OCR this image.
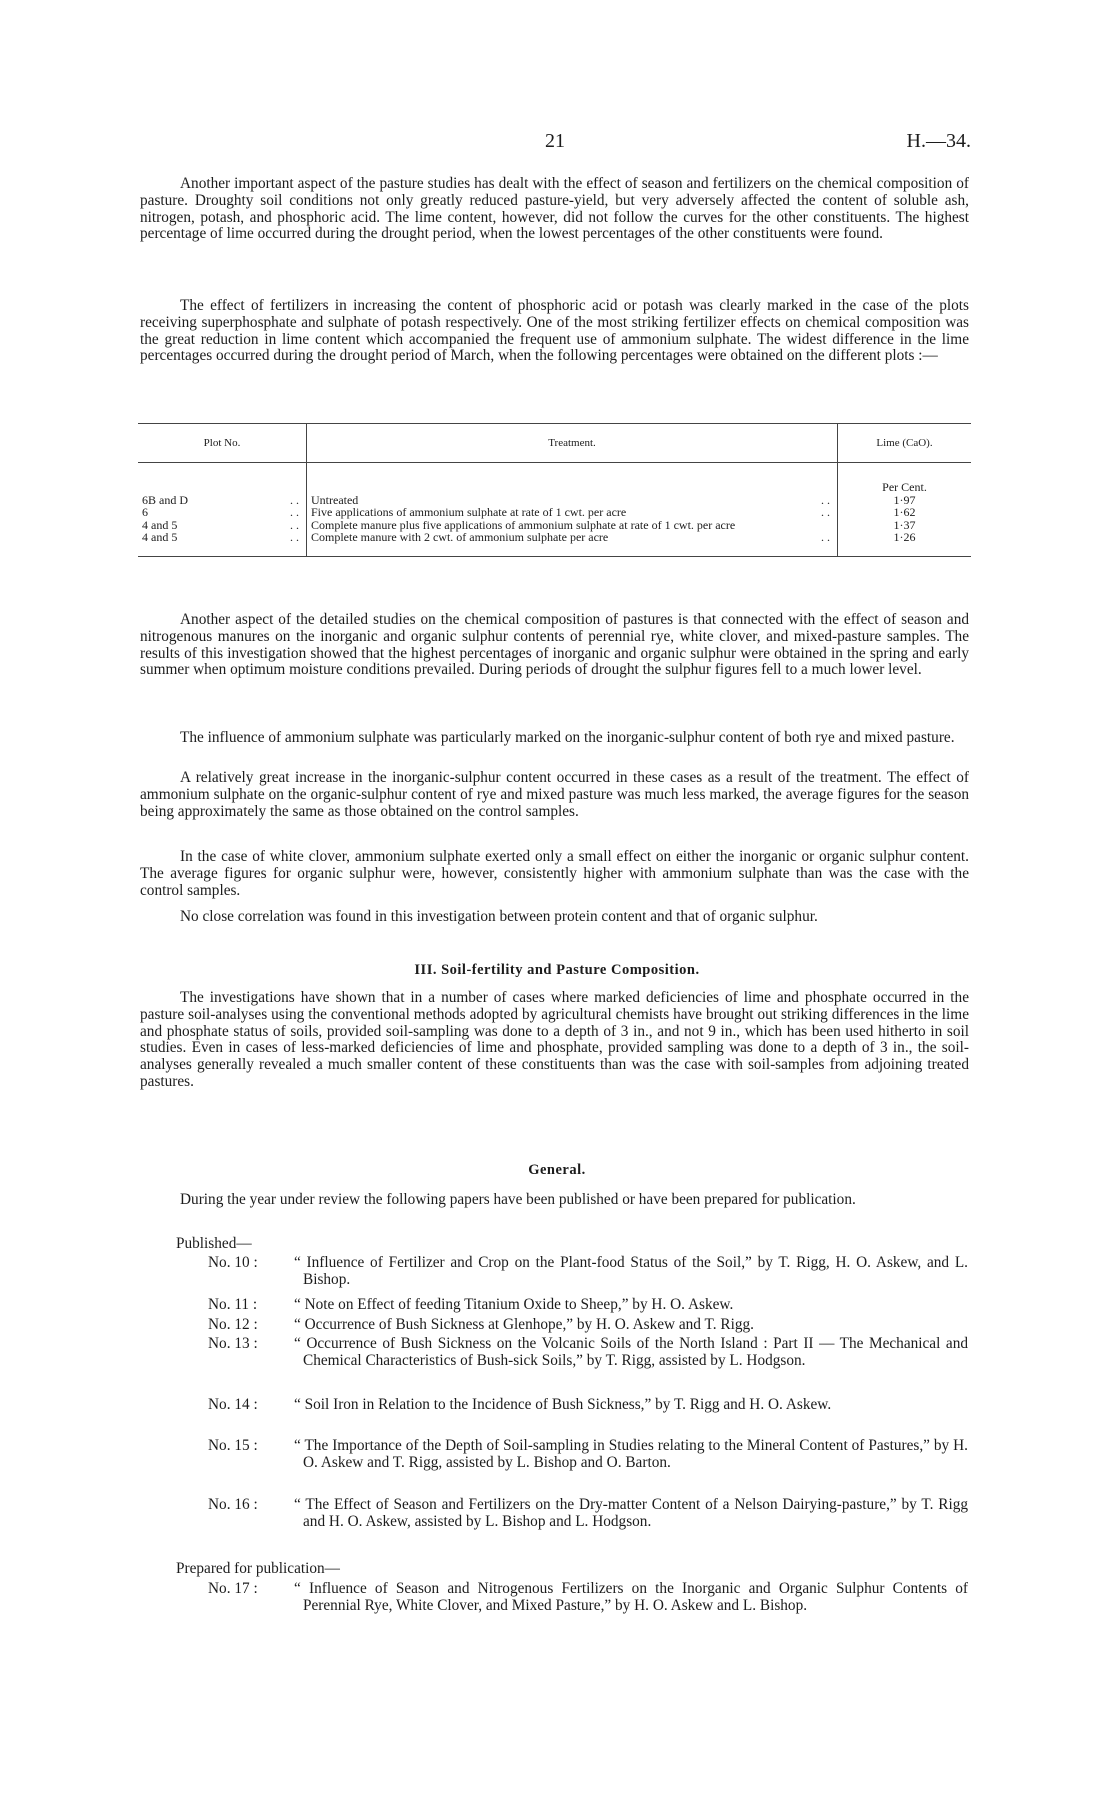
21	H.—34.

Another important aspect of the pasture studies has dealt with the effect of season and fertilizers on the chemical composition of pasture. Droughty soil conditions not only greatly reduced pasture-yield, but very adversely affected the content of soluble ash, nitrogen, potash, and phosphoric acid. The lime content, however, did not follow the curves for the other constituents. The highest percentage of lime occurred during the drought period, when the lowest percentages of the other constituents were found.

The effect of fertilizers in increasing the content of phosphoric acid or potash was clearly marked in the case of the plots receiving superphosphate and sulphate of potash respectively. One of the most striking fertilizer effects on chemical composition was the great reduction in lime content which accompanied the frequent use of ammonium sulphate. The widest difference in the lime percentages occurred during the drought period of March, when the following percentages were obtained on the different plots :—

Plot No.	Treatment.	Lime (CaO).
		Per Cent.
6B and D ..	Untreated ..	1·97
6 ..	Five applications of ammonium sulphate at rate of 1 cwt. per acre ..	1·62
4 and 5 ..	Complete manure plus five applications of ammonium sulphate at rate of 1 cwt. per acre	1·37
4 and 5 ..	Complete manure with 2 cwt. of ammonium sulphate per acre ..	1·26

Another aspect of the detailed studies on the chemical composition of pastures is that connected with the effect of season and nitrogenous manures on the inorganic and organic sulphur contents of perennial rye, white clover, and mixed-pasture samples. The results of this investigation showed that the highest percentages of inorganic and organic sulphur were obtained in the spring and early summer when optimum moisture conditions prevailed. During periods of drought the sulphur figures fell to a much lower level.

The influence of ammonium sulphate was particularly marked on the inorganic-sulphur content of both rye and mixed pasture.

A relatively great increase in the inorganic-sulphur content occurred in these cases as a result of the treatment. The effect of ammonium sulphate on the organic-sulphur content of rye and mixed pasture was much less marked, the average figures for the season being approximately the same as those obtained on the control samples.

In the case of white clover, ammonium sulphate exerted only a small effect on either the inorganic or organic sulphur content. The average figures for organic sulphur were, however, consistently higher with ammonium sulphate than was the case with the control samples.

No close correlation was found in this investigation between protein content and that of organic sulphur.

III. Soil-fertility and Pasture Composition.

The investigations have shown that in a number of cases where marked deficiencies of lime and phosphate occurred in the pasture soil-analyses using the conventional methods adopted by agricultural chemists have brought out striking differences in the lime and phosphate status of soils, provided soil-sampling was done to a depth of 3 in., and not 9 in., which has been used hitherto in soil studies. Even in cases of less-marked deficiencies of lime and phosphate, provided sampling was done to a depth of 3 in., the soil-analyses generally revealed a much smaller content of these constituents than was the case with soil-samples from adjoining treated pastures.

General.

During the year under review the following papers have been published or have been prepared for publication.

Published—

No. 10 :	“ Influence of Fertilizer and Crop on the Plant-food Status of the Soil,” by T. Rigg, H. O. Askew, and L. Bishop.
No. 11 :	“ Note on Effect of feeding Titanium Oxide to Sheep,” by H. O. Askew.
No. 12 :	“ Occurrence of Bush Sickness at Glenhope,” by H. O. Askew and T. Rigg.
No. 13 :	“ Occurrence of Bush Sickness on the Volcanic Soils of the North Island : Part II — The Mechanical and Chemical Characteristics of Bush-sick Soils,” by T. Rigg, assisted by L. Hodgson.
No. 14 :	“ Soil Iron in Relation to the Incidence of Bush Sickness,” by T. Rigg and H. O. Askew.
No. 15 :	“ The Importance of the Depth of Soil-sampling in Studies relating to the Mineral Content of Pastures,” by H. O. Askew and T. Rigg, assisted by L. Bishop and O. Barton.
No. 16 :	“ The Effect of Season and Fertilizers on the Dry-matter Content of a Nelson Dairying-pasture,” by T. Rigg and H. O. Askew, assisted by L. Bishop and L. Hodgson.

Prepared for publication—

No. 17 :	“ Influence of Season and Nitrogenous Fertilizers on the Inorganic and Organic Sulphur Contents of Perennial Rye, White Clover, and Mixed Pasture,” by H. O. Askew and L. Bishop.
